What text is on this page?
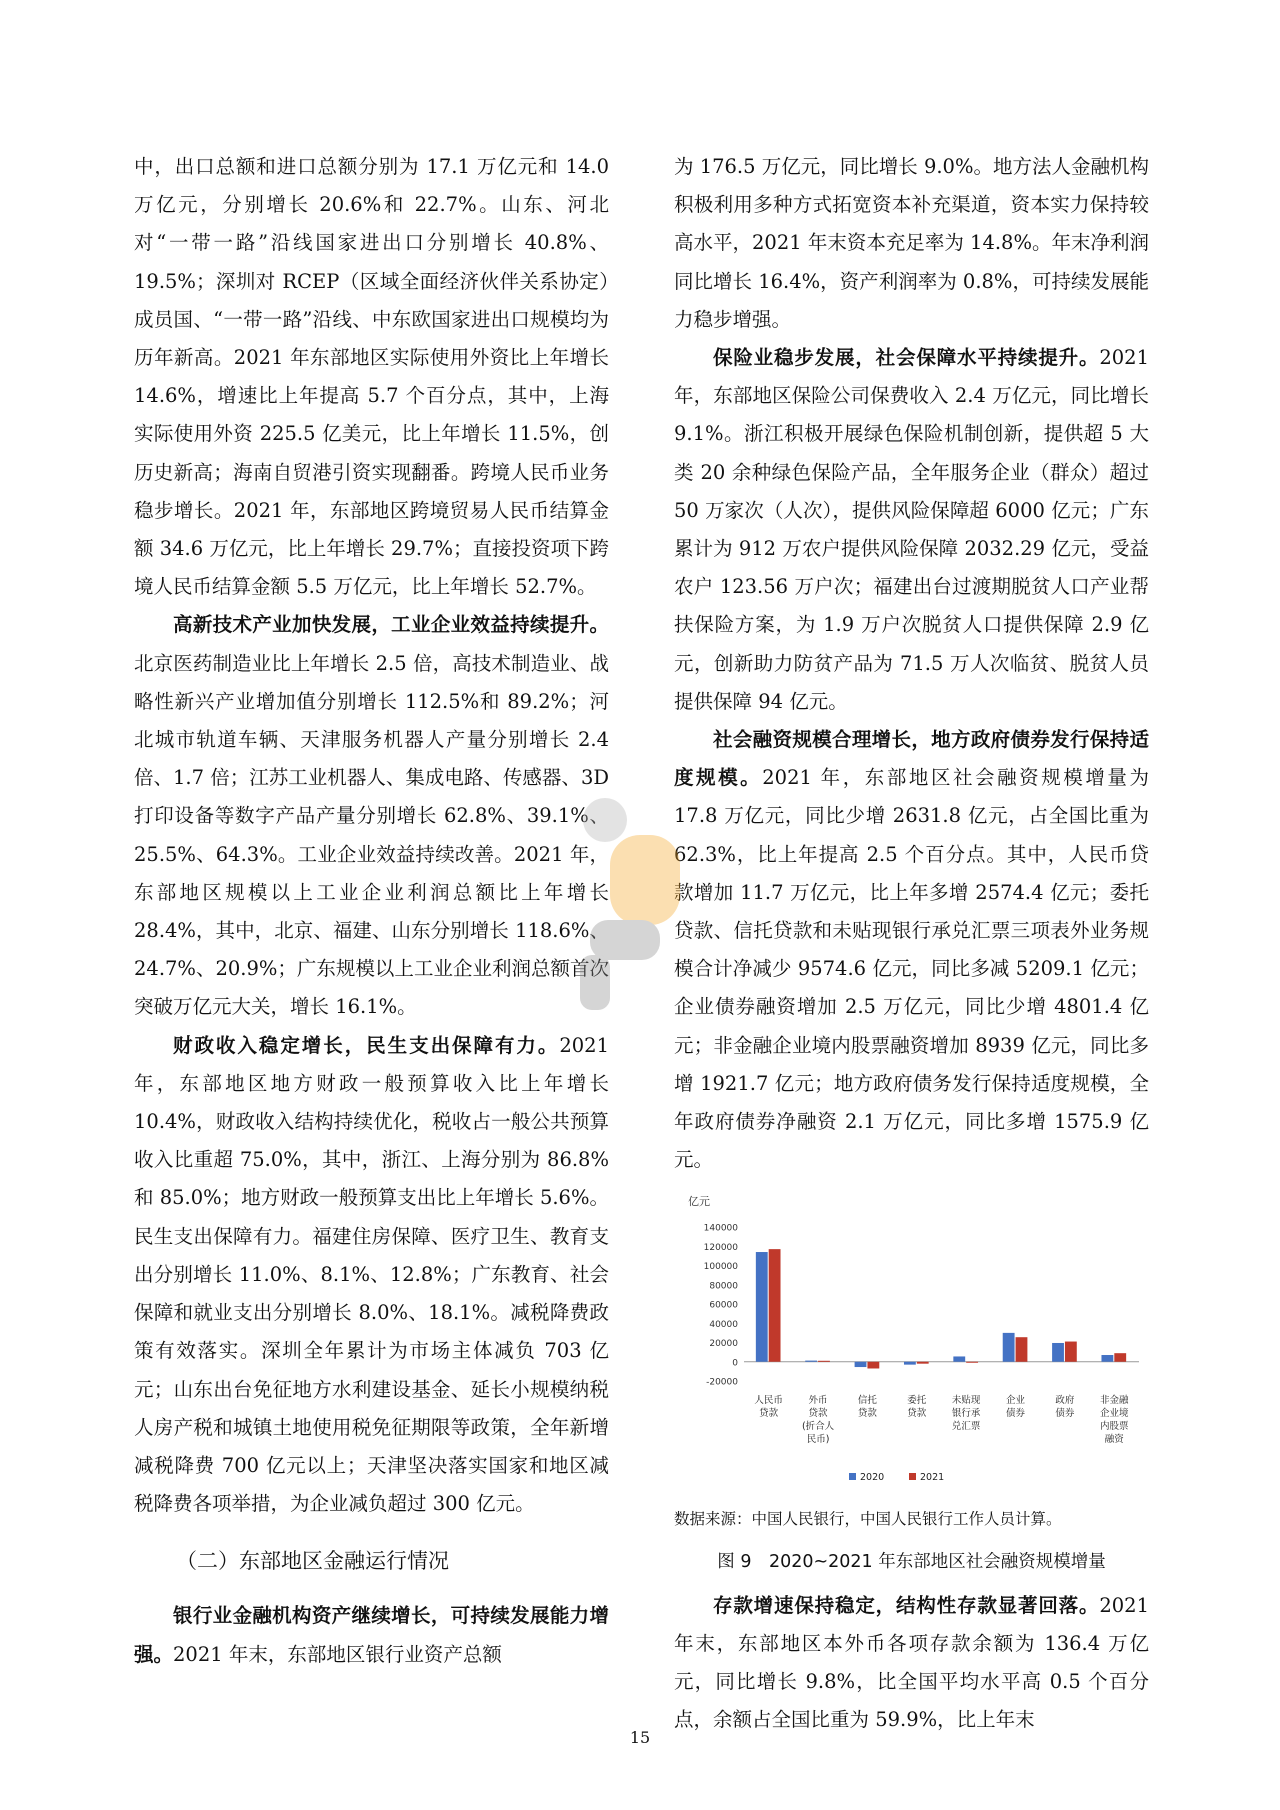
中，出口总额和进口总额分别为 17.1 万亿元和 14.0 万亿元，分别增长 20.6%和 22.7%。山东、河北对“一带一路”沿线国家进出口分别增长 40.8%、19.5%；深圳对 RCEP（区域全面经济伙伴关系协定）成员国、“一带一路”沿线、中东欧国家进出口规模均为历年新高。2021 年东部地区实际使用外资比上年增长 14.6%，增速比上年提高 5.7 个百分点，其中，上海实际使用外资 225.5 亿美元，比上年增长 11.5%，创历史新高；海南自贸港引资实现翻番。跨境人民币业务稳步增长。2021 年，东部地区跨境贸易人民币结算金额 34.6 万亿元，比上年增长 29.7%；直接投资项下跨境人民币结算金额 5.5 万亿元，比上年增长 52.7%。

高新技术产业加快发展，工业企业效益持续提升。北京医药制造业比上年增长 2.5 倍，高技术制造业、战略性新兴产业增加值分别增长 112.5%和 89.2%；河北城市轨道车辆、天津服务机器人产量分别增长 2.4 倍、1.7 倍；江苏工业机器人、集成电路、传感器、3D 打印设备等数字产品产量分别增长 62.8%、39.1%、25.5%、64.3%。工业企业效益持续改善。2021 年，东部地区规模以上工业企业利润总额比上年增长 28.4%，其中，北京、福建、山东分别增长 118.6%、24.7%、20.9%；广东规模以上工业企业利润总额首次突破万亿元大关，增长 16.1%。

财政收入稳定增长，民生支出保障有力。2021 年，东部地区地方财政一般预算收入比上年增长 10.4%，财政收入结构持续优化，税收占一般公共预算收入比重超 75.0%，其中，浙江、上海分别为 86.8%和 85.0%；地方财政一般预算支出比上年增长 5.6%。民生支出保障有力。福建住房保障、医疗卫生、教育支出分别增长 11.0%、8.1%、12.8%；广东教育、社会保障和就业支出分别增长 8.0%、18.1%。减税降费政策有效落实。深圳全年累计为市场主体减负 703 亿元；山东出台免征地方水利建设基金、延长小规模纳税人房产税和城镇土地使用税免征期限等政策，全年新增减税降费 700 亿元以上；天津坚决落实国家和地区减税降费各项举措，为企业减负超过 300 亿元。

（二）东部地区金融运行情况

银行业金融机构资产继续增长，可持续发展能力增强。2021 年末，东部地区银行业资产总额

为 176.5 万亿元，同比增长 9.0%。地方法人金融机构积极利用多种方式拓宽资本补充渠道，资本实力保持较高水平，2021 年末资本充足率为 14.8%。年末净利润同比增长 16.4%，资产利润率为 0.8%，可持续发展能力稳步增强。

保险业稳步发展，社会保障水平持续提升。2021 年，东部地区保险公司保费收入 2.4 万亿元，同比增长 9.1%。浙江积极开展绿色保险机制创新，提供超 5 大类 20 余种绿色保险产品，全年服务企业（群众）超过 50 万家次（人次），提供风险保障超 6000 亿元；广东累计为 912 万农户提供风险保障 2032.29 亿元，受益农户 123.56 万户次；福建出台过渡期脱贫人口产业帮扶保险方案，为 1.9 万户次脱贫人口提供保障 2.9 亿元，创新助力防贫产品为 71.5 万人次临贫、脱贫人员提供保障 94 亿元。

社会融资规模合理增长，地方政府债券发行保持适度规模。2021 年，东部地区社会融资规模增量为 17.8 万亿元，同比少增 2631.8 亿元，占全国比重为 62.3%，比上年提高 2.5 个百分点。其中，人民币贷款增加 11.7 万亿元，比上年多增 2574.4 亿元；委托贷款、信托贷款和未贴现银行承兑汇票三项表外业务规模合计净减少 9574.6 亿元，同比多减 5209.1 亿元；企业债券融资增加 2.5 万亿元，同比少增 4801.4 亿元；非金融企业境内股票融资增加 8939 亿元，同比多增 1921.7 亿元；地方政府债务发行保持适度规模，全年政府债券净融资 2.1 万亿元，同比多增 1575.9 亿元。

亿元
140000
120000
100000
80000
60000
40000
20000
0
-20000
人民币
贷款
外币
贷款
(折合人
民币)
信托
贷款
委托
贷款
未贴现
银行承
兑汇票
企业
债券
政府
债券
非金融
企业境
内股票
融资
2020	2021

数据来源：中国人民银行，中国人民银行工作人员计算。

图 9　2020~2021 年东部地区社会融资规模增量

存款增速保持稳定，结构性存款显著回落。2021 年末，东部地区本外币各项存款余额为 136.4 万亿元，同比增长 9.8%，比全国平均水平高 0.5 个百分点，余额占全国比重为 59.9%，比上年末

15
